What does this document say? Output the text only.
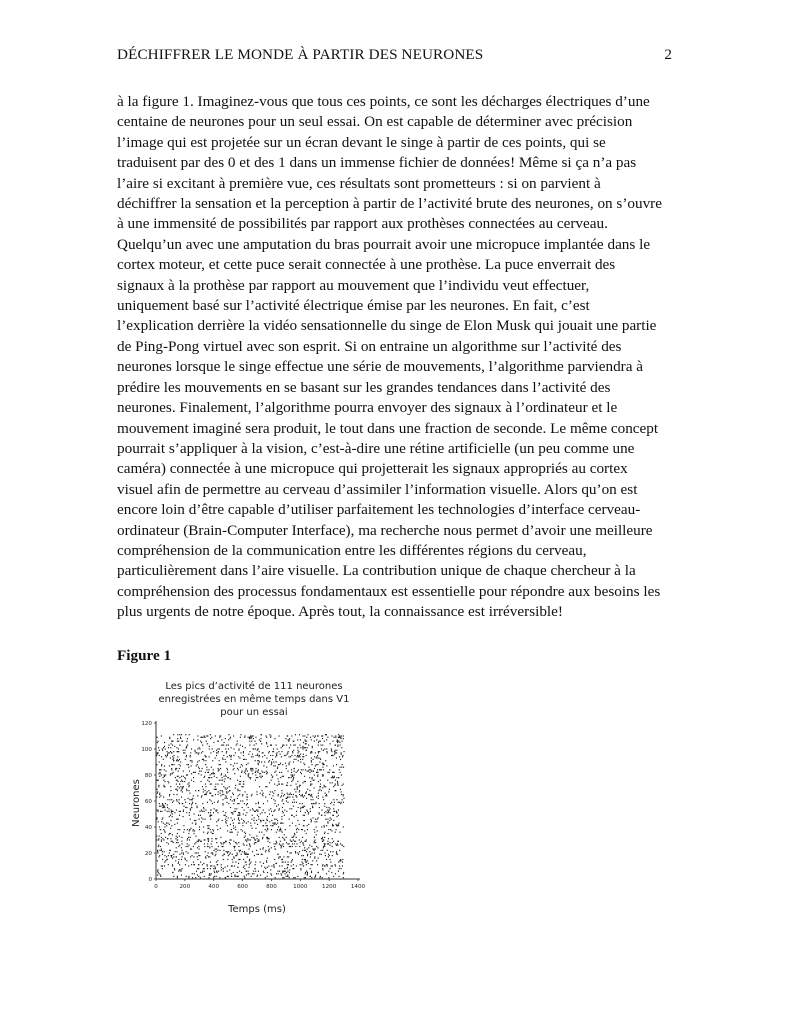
DÉCHIFFRER LE MONDE À PARTIR DES NEURONES	2
à la figure 1. Imaginez-vous que tous ces points, ce sont les décharges électriques d’une
centaine de neurones pour un seul essai. On est capable de déterminer avec précision
l’image qui est projetée sur un écran devant le singe à partir de ces points, qui se
traduisent par des 0 et des 1 dans un immense fichier de données! Même si ça n’a pas
l’aire si excitant à première vue, ces résultats sont prometteurs : si on parvient à
déchiffrer la sensation et la perception à partir de l’activité brute des neurones, on s’ouvre
à une immensité de possibilités par rapport aux prothèses connectées au cerveau.
Quelqu’un avec une amputation du bras pourrait avoir une micropuce implantée dans le
cortex moteur, et cette puce serait connectée à une prothèse. La puce enverrait des
signaux à la prothèse par rapport au mouvement que l’individu veut effectuer,
uniquement basé sur l’activité électrique émise par les neurones. En fait, c’est
l’explication derrière la vidéo sensationnelle du singe de Elon Musk qui jouait une partie
de Ping-Pong virtuel avec son esprit. Si on entraine un algorithme sur l’activité des
neurones lorsque le singe effectue une série de mouvements, l’algorithme parviendra à
prédire les mouvements en se basant sur les grandes tendances dans l’activité des
neurones. Finalement, l’algorithme pourra envoyer des signaux à l’ordinateur et le
mouvement imaginé sera produit, le tout dans une fraction de seconde. Le même concept
pourrait s’appliquer à la vision, c’est-à-dire une rétine artificielle (un peu comme une
caméra) connectée à une micropuce qui projetterait les signaux appropriés au cortex
visuel afin de permettre au cerveau d’assimiler l’information visuelle. Alors qu’on est
encore loin d’être capable d’utiliser parfaitement les technologies d’interface cerveau-
ordinateur (Brain-Computer Interface), ma recherche nous permet d’avoir une meilleure
compréhension de la communication entre les différentes régions du cerveau,
particulièrement dans l’aire visuelle. La contribution unique de chaque chercheur à la
compréhension des processus fondamentaux est essentielle pour répondre aux besoins les
plus urgents de notre époque. Après tout, la connaissance est irréversible!
Figure 1
Les pics d’activité de 111 neurones
enregistrées en même temps dans V1
pour un essai
0	200	400	600	800	1000	1200	1400
0
20
40
60
80
100
120
Temps (ms)
Neurones
